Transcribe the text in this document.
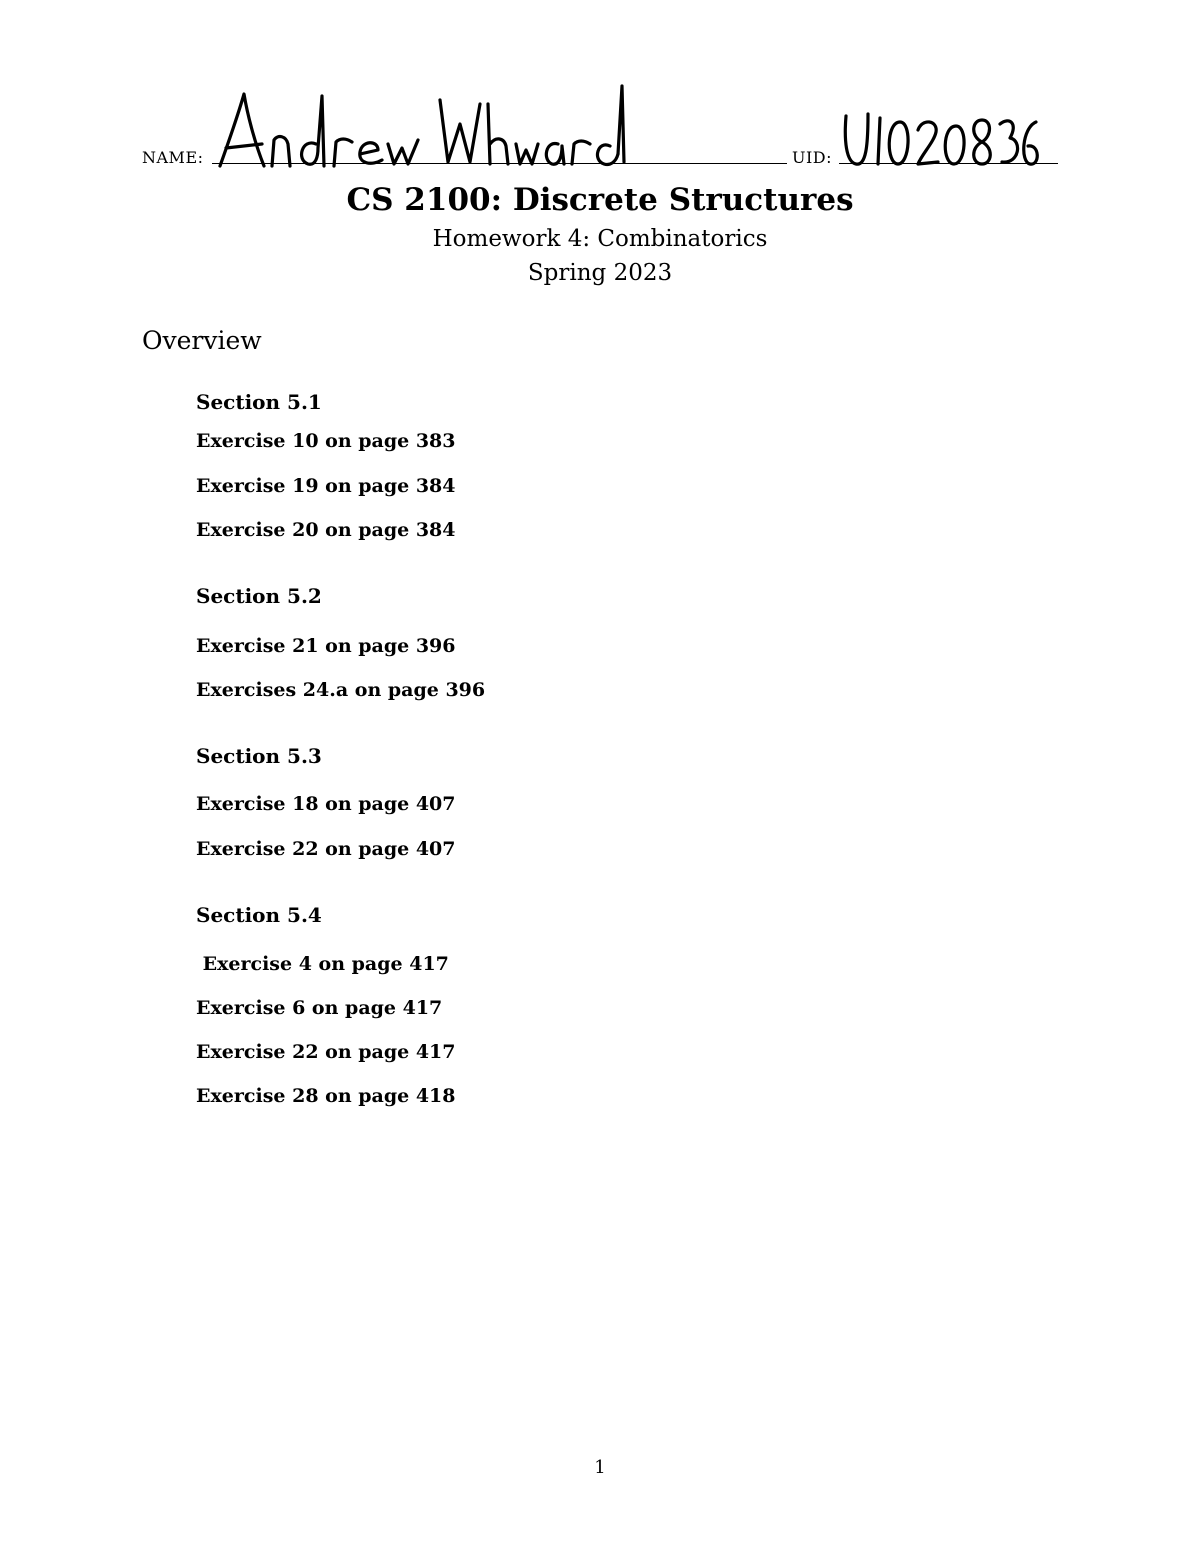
NAME:	UID:
CS 2100: Discrete Structures
Homework 4: Combinatorics
Spring 2023
Overview
Section 5.1
Exercise 10 on page 383
Exercise 19 on page 384
Exercise 20 on page 384
Section 5.2
Exercise 21 on page 396
Exercises 24.a on page 396
Section 5.3
Exercise 18 on page 407
Exercise 22 on page 407
Section 5.4
Exercise 4 on page 417
Exercise 6 on page 417
Exercise 22 on page 417
Exercise 28 on page 418
1
